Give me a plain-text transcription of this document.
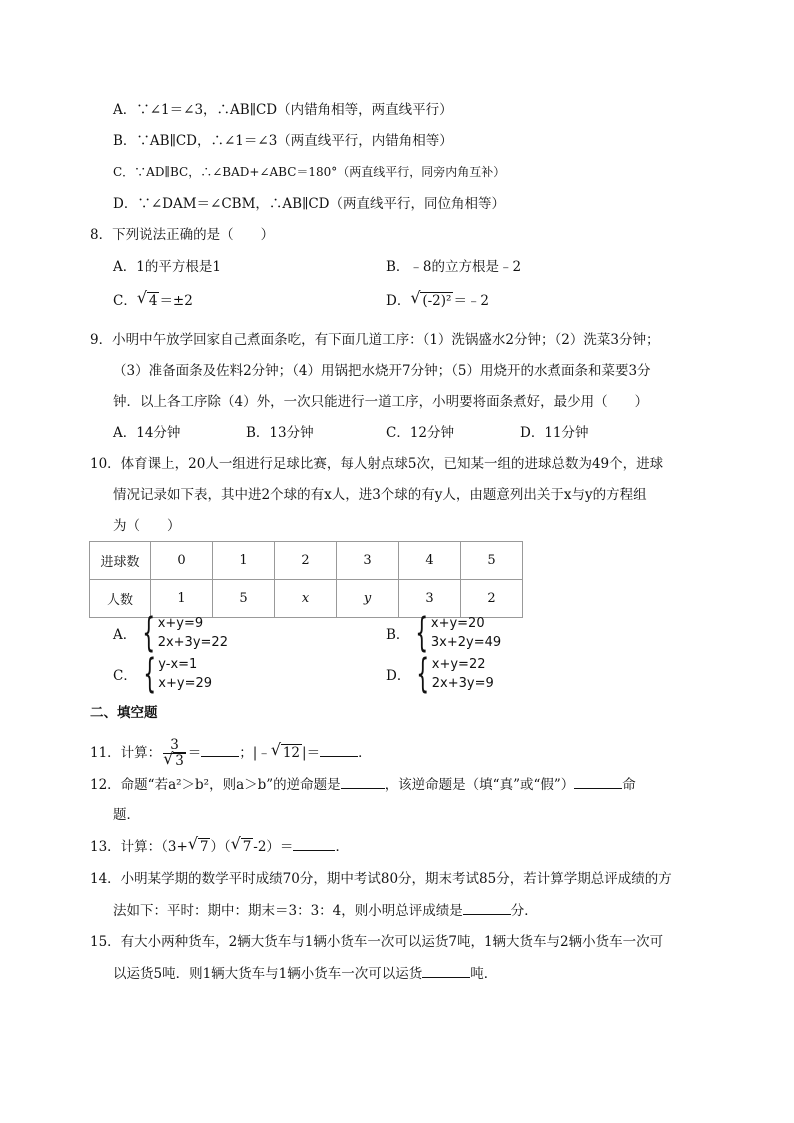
A．∵∠1＝∠3，∴AB∥CD（内错角相等，两直线平行）
B．∵AB∥CD，∴∠1＝∠3（两直线平行，内错角相等）
C．∵AD∥BC，∴∠BAD+∠ABC＝180°（两直线平行，同旁内角互补）
D．∵∠DAM＝∠CBM，∴AB∥CD（两直线平行，同位角相等）
8．下列说法正确的是（　　）
A．1的平方根是1	B．﹣8的立方根是﹣2
C． √ 4 ＝±2	D． √ (-2)² ＝﹣2
9．小明中午放学回家自己煮面条吃，有下面几道工序：（1）洗锅盛水2分钟；（2）洗菜3分钟；
（3）准备面条及佐料2分钟；（4）用锅把水烧开7分钟；（5）用烧开的水煮面条和菜要3分
钟．以上各工序除（4）外，一次只能进行一道工序，小明要将面条煮好，最少用（　　）
A．14分钟	B．13分钟	C．12分钟	D．11分钟
10．体育课上，20人一组进行足球比赛，每人射点球5次，已知某一组的进球总数为49个，进球
情况记录如下表，其中进2个球的有x人，进3个球的有y人，由题意列出关于x与y的方程组
为（　　）
进球数	0	1	2	3	4	5
人数	1	5	x	y	3	2
A． { x+y=9
2x+3y=22	B． { x+y=20
3x+2y=49
C． { y-x=1
x+y=29	D． { x+y=22
2x+3y=9
二、填空题
11．计算： $\frac{3}{√ 3}$ ＝	；|﹣ √ 12 |＝	．
12．命题“若a²＞b²，则a＞b”的逆命题是	，该逆命题是（填“真”或“假”）	命
题．
13．计算：（3+ √ 7 ）（ √ 7 -2）＝	．
14．小明某学期的数学平时成绩70分，期中考试80分，期末考试85分，若计算学期总评成绩的方
法如下：平时：期中：期末＝3：3：4，则小明总评成绩是	分．
15．有大小两种货车，2辆大货车与1辆小货车一次可以运货7吨，1辆大货车与2辆小货车一次可
以运货5吨．则1辆大货车与1辆小货车一次可以运货	吨．
